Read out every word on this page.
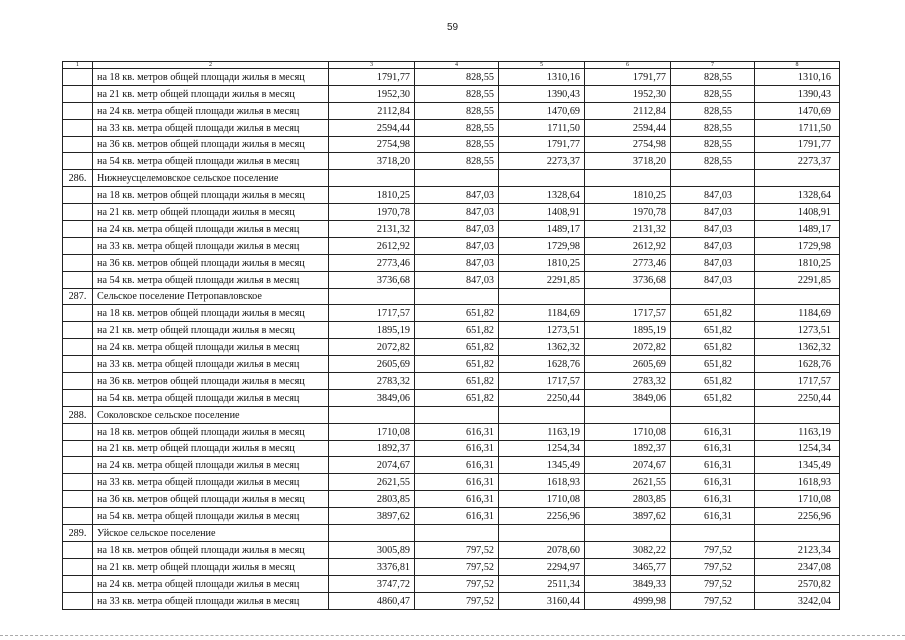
59
1	2	3	4	5	6	7	8
	на 18 кв. метров общей площади жилья в месяц	1791,77	828,55	1310,16	1791,77	828,55	1310,16
	на 21 кв. метр общей площади жилья в месяц	1952,30	828,55	1390,43	1952,30	828,55	1390,43
	на 24 кв. метра общей площади жилья в месяц	2112,84	828,55	1470,69	2112,84	828,55	1470,69
	на 33 кв. метра общей площади жилья в месяц	2594,44	828,55	1711,50	2594,44	828,55	1711,50
	на 36 кв. метров общей площади жилья в месяц	2754,98	828,55	1791,77	2754,98	828,55	1791,77
	на 54 кв. метра общей площади жилья в месяц	3718,20	828,55	2273,37	3718,20	828,55	2273,37
286.	Нижнеусцелемовское сельское поселение						
	на 18 кв. метров общей площади жилья в месяц	1810,25	847,03	1328,64	1810,25	847,03	1328,64
	на 21 кв. метр общей площади жилья в месяц	1970,78	847,03	1408,91	1970,78	847,03	1408,91
	на 24 кв. метра общей площади жилья в месяц	2131,32	847,03	1489,17	2131,32	847,03	1489,17
	на 33 кв. метра общей площади жилья в месяц	2612,92	847,03	1729,98	2612,92	847,03	1729,98
	на 36 кв. метров общей площади жилья в месяц	2773,46	847,03	1810,25	2773,46	847,03	1810,25
	на 54 кв. метра общей площади жилья в месяц	3736,68	847,03	2291,85	3736,68	847,03	2291,85
287.	Сельское поселение Петропавловское						
	на 18 кв. метров общей площади жилья в месяц	1717,57	651,82	1184,69	1717,57	651,82	1184,69
	на 21 кв. метр общей площади жилья в месяц	1895,19	651,82	1273,51	1895,19	651,82	1273,51
	на 24 кв. метра общей площади жилья в месяц	2072,82	651,82	1362,32	2072,82	651,82	1362,32
	на 33 кв. метра общей площади жилья в месяц	2605,69	651,82	1628,76	2605,69	651,82	1628,76
	на 36 кв. метров общей площади жилья в месяц	2783,32	651,82	1717,57	2783,32	651,82	1717,57
	на 54 кв. метра общей площади жилья в месяц	3849,06	651,82	2250,44	3849,06	651,82	2250,44
288.	Соколовское сельское поселение						
	на 18 кв. метров общей площади жилья в месяц	1710,08	616,31	1163,19	1710,08	616,31	1163,19
	на 21 кв. метр общей площади жилья в месяц	1892,37	616,31	1254,34	1892,37	616,31	1254,34
	на 24 кв. метра общей площади жилья в месяц	2074,67	616,31	1345,49	2074,67	616,31	1345,49
	на 33 кв. метра общей площади жилья в месяц	2621,55	616,31	1618,93	2621,55	616,31	1618,93
	на 36 кв. метров общей площади жилья в месяц	2803,85	616,31	1710,08	2803,85	616,31	1710,08
	на 54 кв. метра общей площади жилья в месяц	3897,62	616,31	2256,96	3897,62	616,31	2256,96
289.	Уйское сельское поселение						
	на 18 кв. метров общей площади жилья в месяц	3005,89	797,52	2078,60	3082,22	797,52	2123,34
	на 21 кв. метр общей площади жилья в месяц	3376,81	797,52	2294,97	3465,77	797,52	2347,08
	на 24 кв. метра общей площади жилья в месяц	3747,72	797,52	2511,34	3849,33	797,52	2570,82
	на 33 кв. метра общей площади жилья в месяц	4860,47	797,52	3160,44	4999,98	797,52	3242,04
